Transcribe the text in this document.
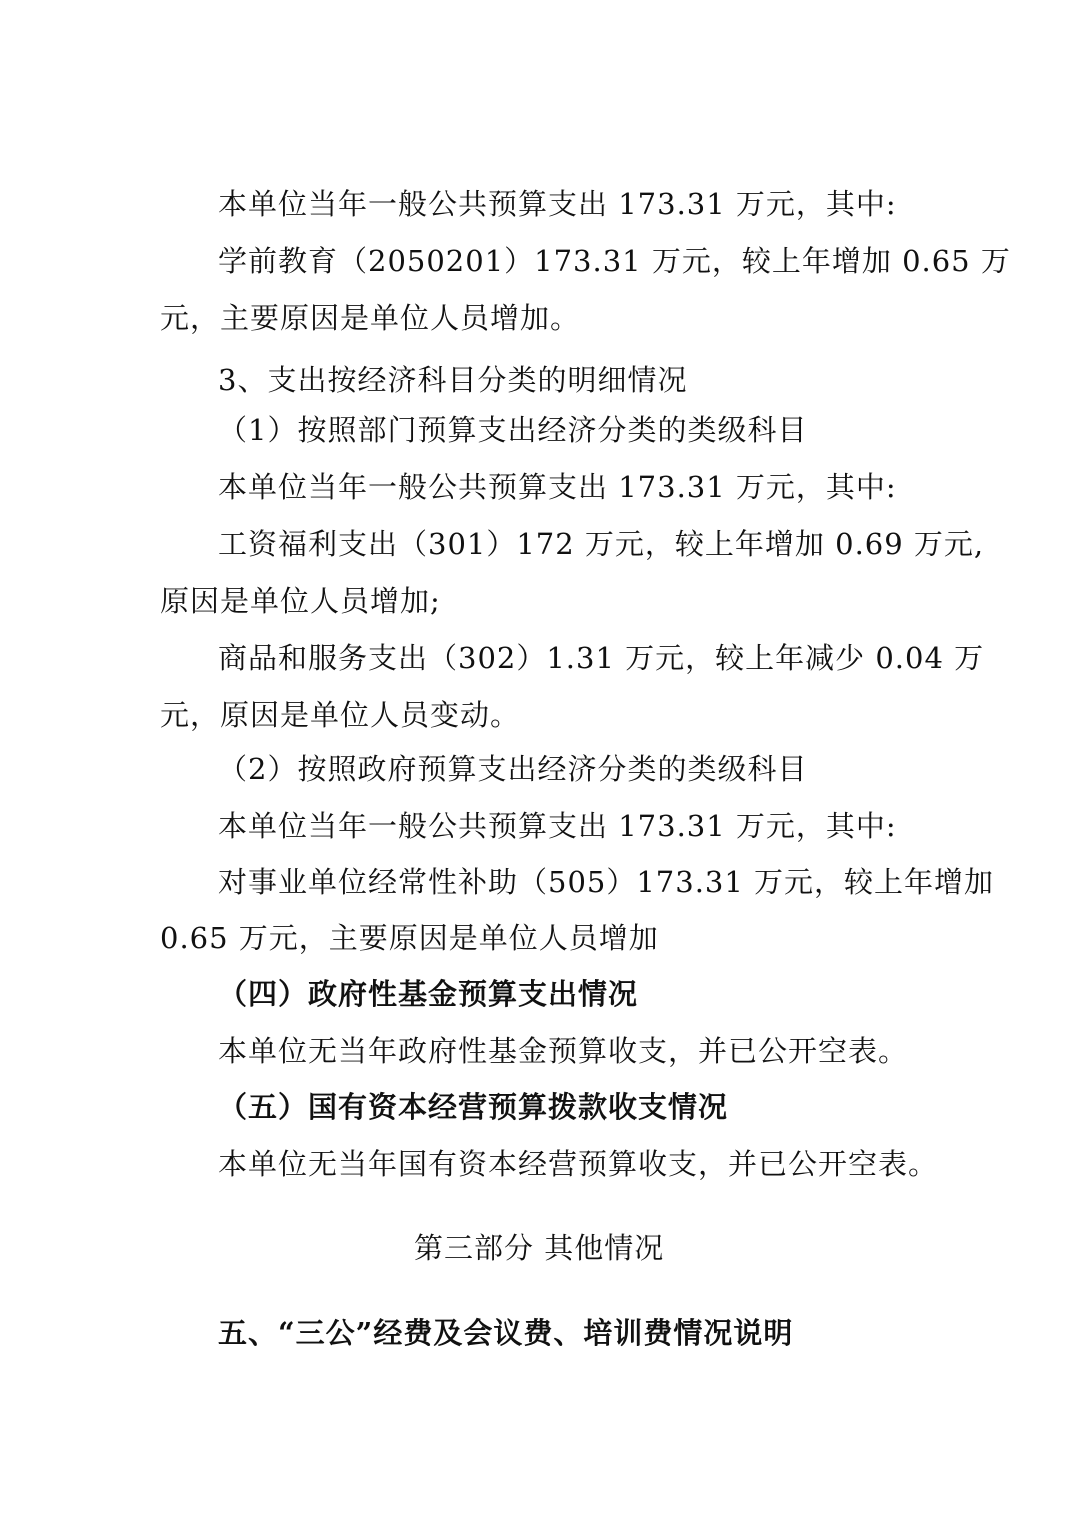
本单位当年一般公共预算支出 173.31 万元，其中:

学前教育（2050201）173.31 万元，较上年增加 0.65 万

元，主要原因是单位人员增加。

3、支出按经济科目分类的明细情况

（1）按照部门预算支出经济分类的类级科目

本单位当年一般公共预算支出 173.31 万元，其中:

工资福利支出（301）172 万元，较上年增加 0.69 万元,

原因是单位人员增加;

商品和服务支出（302）1.31 万元，较上年减少 0.04 万

元，原因是单位人员变动。

（2）按照政府预算支出经济分类的类级科目

本单位当年一般公共预算支出 173.31 万元，其中:

对事业单位经常性补助（505）173.31 万元，较上年增加

0.65 万元，主要原因是单位人员增加

（四）政府性基金预算支出情况

本单位无当年政府性基金预算收支，并已公开空表。

（五）国有资本经营预算拨款收支情况

本单位无当年国有资本经营预算收支，并已公开空表。

第三部分 其他情况

五、“三公”经费及会议费、培训费情况说明
